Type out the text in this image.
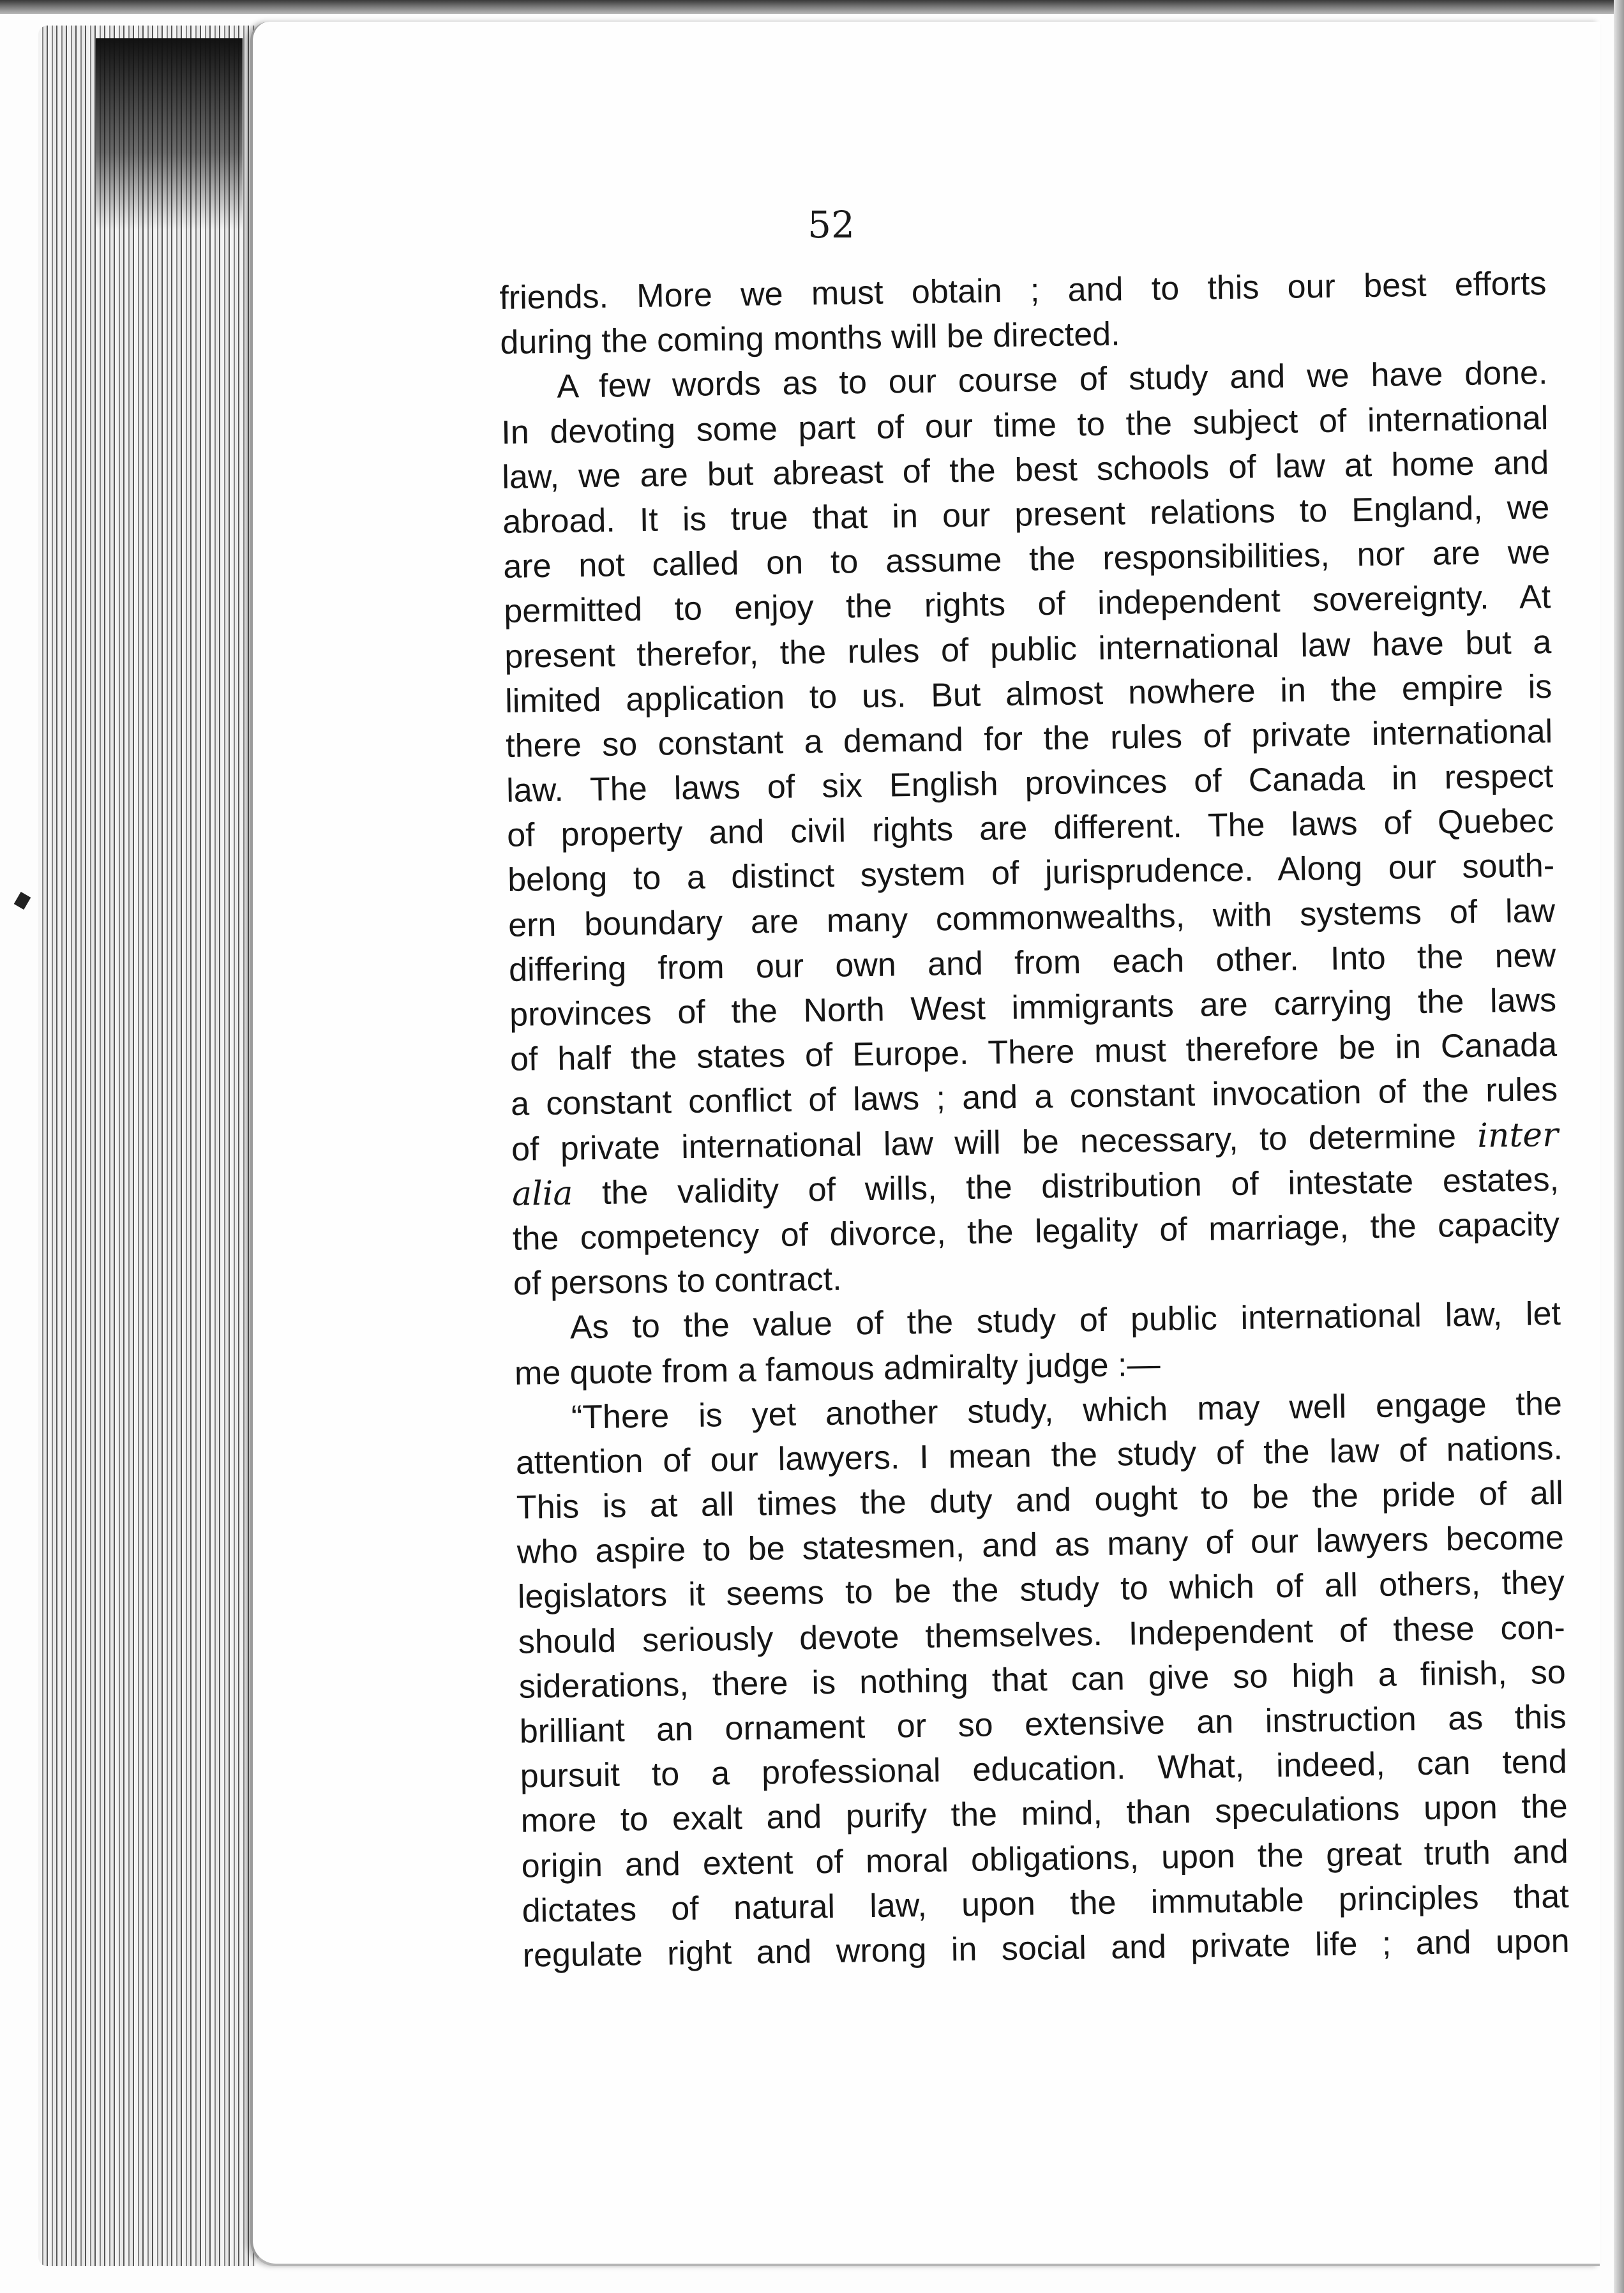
52
friends. More we must obtain ; and to this our best efforts
during the coming months will be directed.
A few words as to our course of study and we have done.
In devoting some part of our time to the subject of international
law, we are but abreast of the best schools of law at home and
abroad. It is true that in our present relations to England, we
are not called on to assume the responsibilities, nor are we
permitted to enjoy the rights of independent sovereignty. At
present therefor, the rules of public international law have but a
limited application to us. But almost nowhere in the empire is
there so constant a demand for the rules of private international
law. The laws of six English provinces of Canada in respect
of property and civil rights are different. The laws of Quebec
belong to a distinct system of jurisprudence. Along our south-
ern boundary are many commonwealths, with systems of law
differing from our own and from each other. Into the new
provinces of the North West immigrants are carrying the laws
of half the states of Europe. There must therefore be in Canada
a constant conflict of laws ; and a constant invocation of the rules
of private international law will be necessary, to determine inter
alia the validity of wills, the distribution of intestate estates,
the competency of divorce, the legality of marriage, the capacity
of persons to contract.
As to the value of the study of public international law, let
me quote from a famous admiralty judge :—
“There is yet another study, which may well engage the
attention of our lawyers. I mean the study of the law of nations.
This is at all times the duty and ought to be the pride of all
who aspire to be statesmen, and as many of our lawyers become
legislators it seems to be the study to which of all others, they
should seriously devote themselves. Independent of these con-
siderations, there is nothing that can give so high a finish, so
brilliant an ornament or so extensive an instruction as this
pursuit to a professional education. What, indeed, can tend
more to exalt and purify the mind, than speculations upon the
origin and extent of moral obligations, upon the great truth and
dictates of natural law, upon the immutable principles that
regulate right and wrong in social and private life ; and upon
